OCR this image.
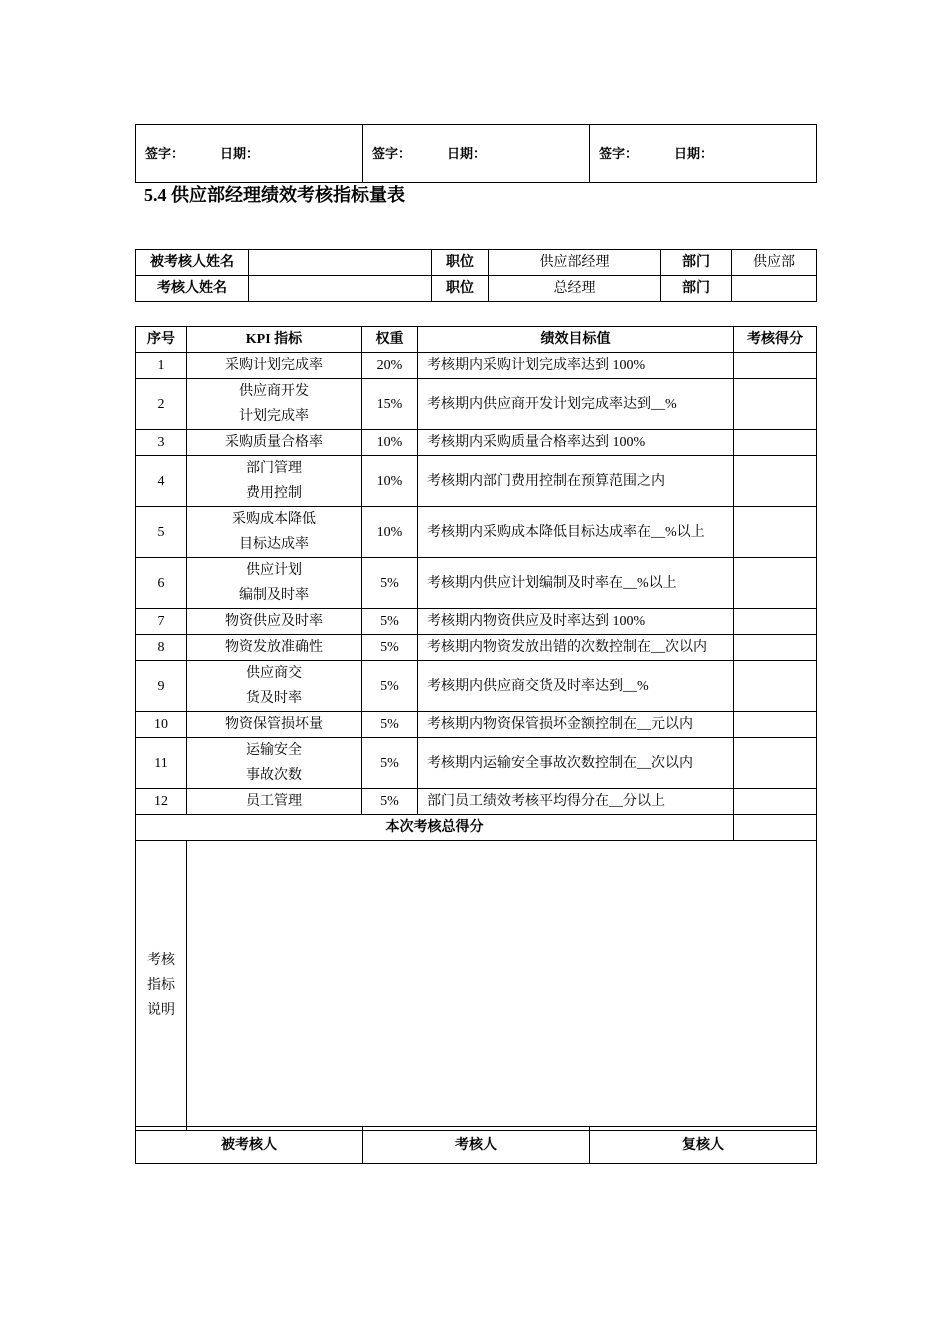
签字：	日期：	签字：	日期：	签字：	日期：
5.4 供应部经理绩效考核指标量表
被考核人姓名		职位	供应部经理	部门	供应部
考核人姓名		职位	总经理	部门	
序号	KPI 指标	权重	绩效目标值	考核得分
1	采购计划完成率	20%	考核期内采购计划完成率达到 100%	
2	供应商开发
计划完成率	15%	考核期内供应商开发计划完成率达到__%	
3	采购质量合格率	10%	考核期内采购质量合格率达到 100%	
4	部门管理
费用控制	10%	考核期内部门费用控制在预算范围之内	
5	采购成本降低
目标达成率	10%	考核期内采购成本降低目标达成率在__%以上	
6	供应计划
编制及时率	5%	考核期内供应计划编制及时率在__%以上	
7	物资供应及时率	5%	考核期内物资供应及时率达到 100%	
8	物资发放准确性	5%	考核期内物资发放出错的次数控制在__次以内	
9	供应商交
货及时率	5%	考核期内供应商交货及时率达到__%	
10	物资保管损坏量	5%	考核期内物资保管损坏金额控制在__元以内	
11	运输安全
事故次数	5%	考核期内运输安全事故次数控制在__次以内	
12	员工管理	5%	部门员工绩效考核平均得分在__分以上	
本次考核总得分				

考核
指标
说明				

被考核人	考核人	复核人
